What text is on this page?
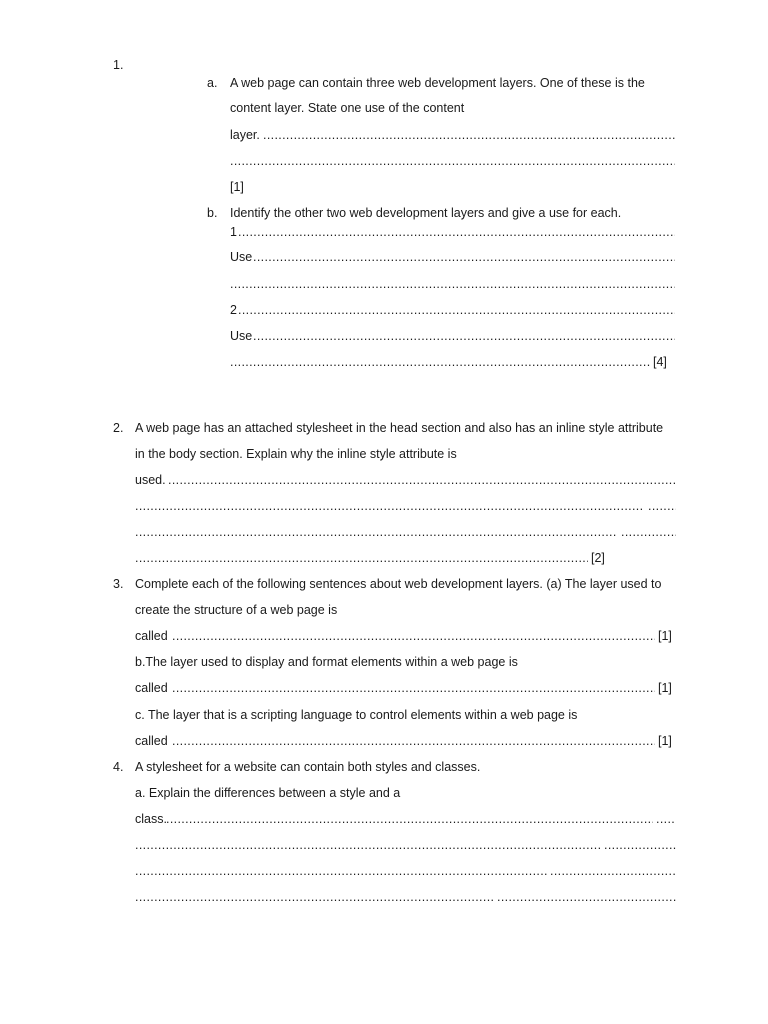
1.
a. A web page can contain three web development layers. One of these is the
content layer. State one use of the content
layer.
.....
.....
[1]
b. Identify the other two web development layers and give a use for each.
1
.....
Use
.....
.....
2
.....
Use
.....
.....
[4]
2. A web page has an attached stylesheet in the head section and also has an inline style attribute
in the body section. Explain why the inline style attribute is
used.
.....
.....
.....
.....
.....
.....
[2]
3. Complete each of the following sentences about web development layers. (a) The layer used to
create the structure of a web page is
called .....	[1]
b.The layer used to display and format elements within a web page is
called .....	[1]
c. The layer that is a scripting language to control elements within a web page is
called .....	[1]
4. A stylesheet for a website can contain both styles and classes.
a. Explain the differences between a style and a
class.
.....
.....
.....
.....
.....
.....
.....
.....
